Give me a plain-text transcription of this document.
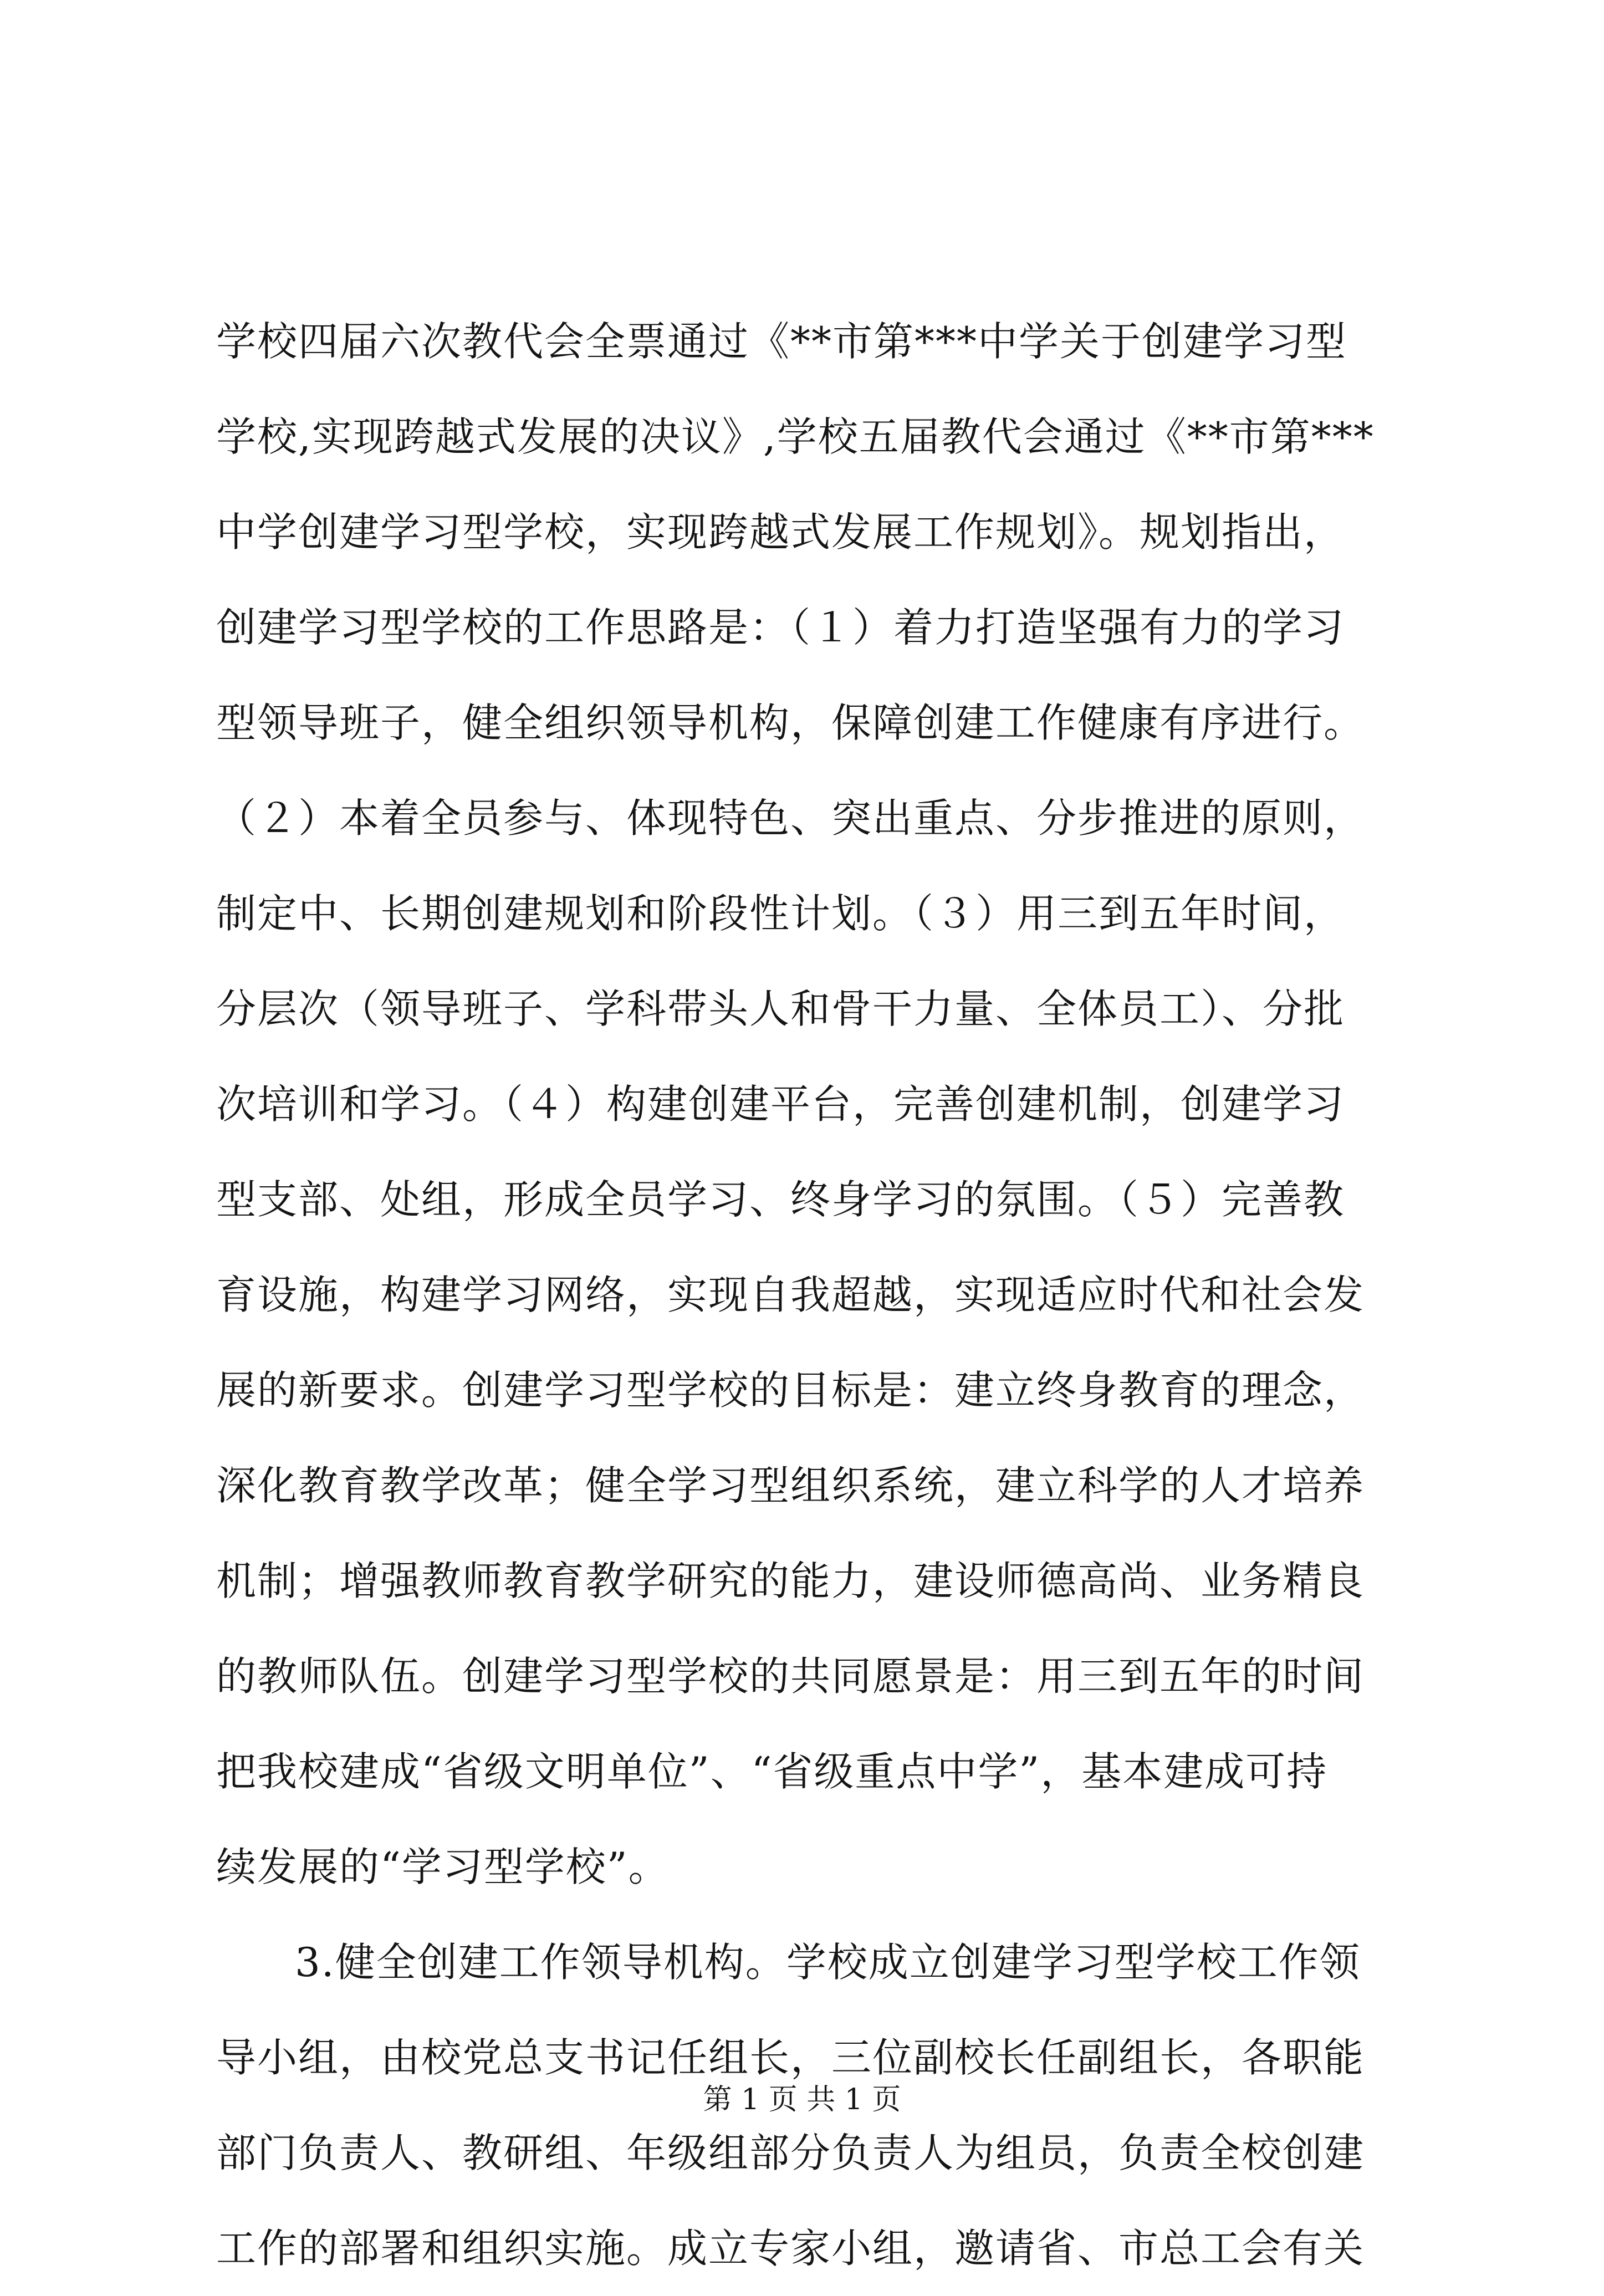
学校四届六次教代会全票通过《**市第***中学关于创建学习型
学校,实现跨越式发展的决议》,学校五届教代会通过《**市第***
中学创建学习型学校，实现跨越式发展工作规划》。规划指出，
创建学习型学校的工作思路是：（１）着力打造坚强有力的学习
型领导班子，健全组织领导机构，保障创建工作健康有序进行。
（２）本着全员参与、体现特色、突出重点、分步推进的原则，
制定中、长期创建规划和阶段性计划。（３）用三到五年时间，
分层次（领导班子、学科带头人和骨干力量、全体员工）、分批
次培训和学习。（４）构建创建平台，完善创建机制，创建学习
型支部、处组，形成全员学习、终身学习的氛围。（５）完善教
育设施，构建学习网络，实现自我超越，实现适应时代和社会发
展的新要求。创建学习型学校的目标是：建立终身教育的理念，
深化教育教学改革；健全学习型组织系统，建立科学的人才培养
机制；增强教师教育教学研究的能力，建设师德高尚、业务精良
的教师队伍。创建学习型学校的共同愿景是：用三到五年的时间
把我校建成“省级文明单位”、“省级重点中学”，基本建成可持
续发展的“学习型学校”。
3.健全创建工作领导机构。学校成立创建学习型学校工作领
导小组，由校党总支书记任组长，三位副校长任副组长，各职能
部门负责人、教研组、年级组部分负责人为组员，负责全校创建
工作的部署和组织实施。成立专家小组，邀请省、市总工会有关
第 1 页 共 1 页
